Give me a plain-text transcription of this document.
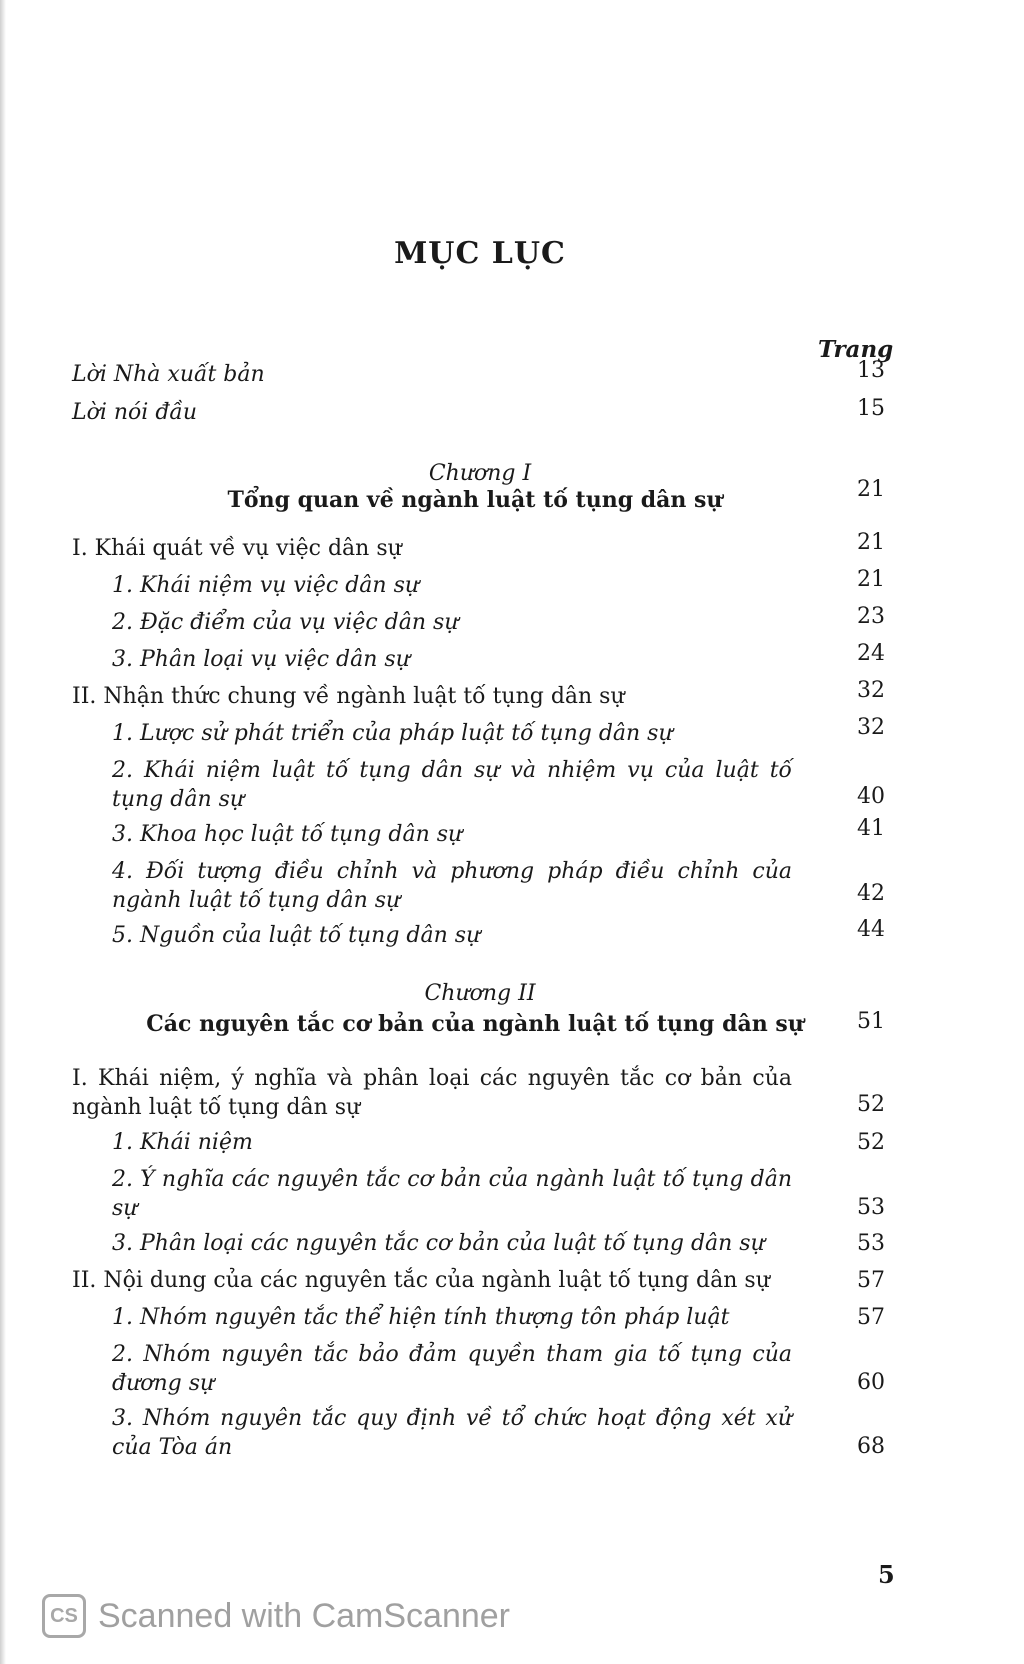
MỤC LỤC
Trang
Lời Nhà xuất bản	13
Lời nói đầu	15
Chương I
Tổng quan về ngành luật tố tụng dân sự	21
I. Khái quát về vụ việc dân sự	21
1. Khái niệm vụ việc dân sự	21
2. Đặc điểm của vụ việc dân sự	23
3. Phân loại vụ việc dân sự	24
II. Nhận thức chung về ngành luật tố tụng dân sự	32
1. Lược sử phát triển của pháp luật tố tụng dân sự	32
2. Khái niệm luật tố tụng dân sự và nhiệm vụ của luật tố tụng dân sự	40
3. Khoa học luật tố tụng dân sự	41
4. Đối tượng điều chỉnh và phương pháp điều chỉnh của ngành luật tố tụng dân sự	42
5. Nguồn của luật tố tụng dân sự	44
Chương II
Các nguyên tắc cơ bản của ngành luật tố tụng dân sự	51
I. Khái niệm, ý nghĩa và phân loại các nguyên tắc cơ bản của ngành luật tố tụng dân sự	52
1. Khái niệm	52
2. Ý nghĩa các nguyên tắc cơ bản của ngành luật tố tụng dân sự	53
3. Phân loại các nguyên tắc cơ bản của luật tố tụng dân sự	53
II. Nội dung của các nguyên tắc của ngành luật tố tụng dân sự	57
1. Nhóm nguyên tắc thể hiện tính thượng tôn pháp luật	57
2. Nhóm nguyên tắc bảo đảm quyền tham gia tố tụng của đương sự	60
3. Nhóm nguyên tắc quy định về tổ chức hoạt động xét xử của Tòa án	68
5
CS Scanned with CamScanner
